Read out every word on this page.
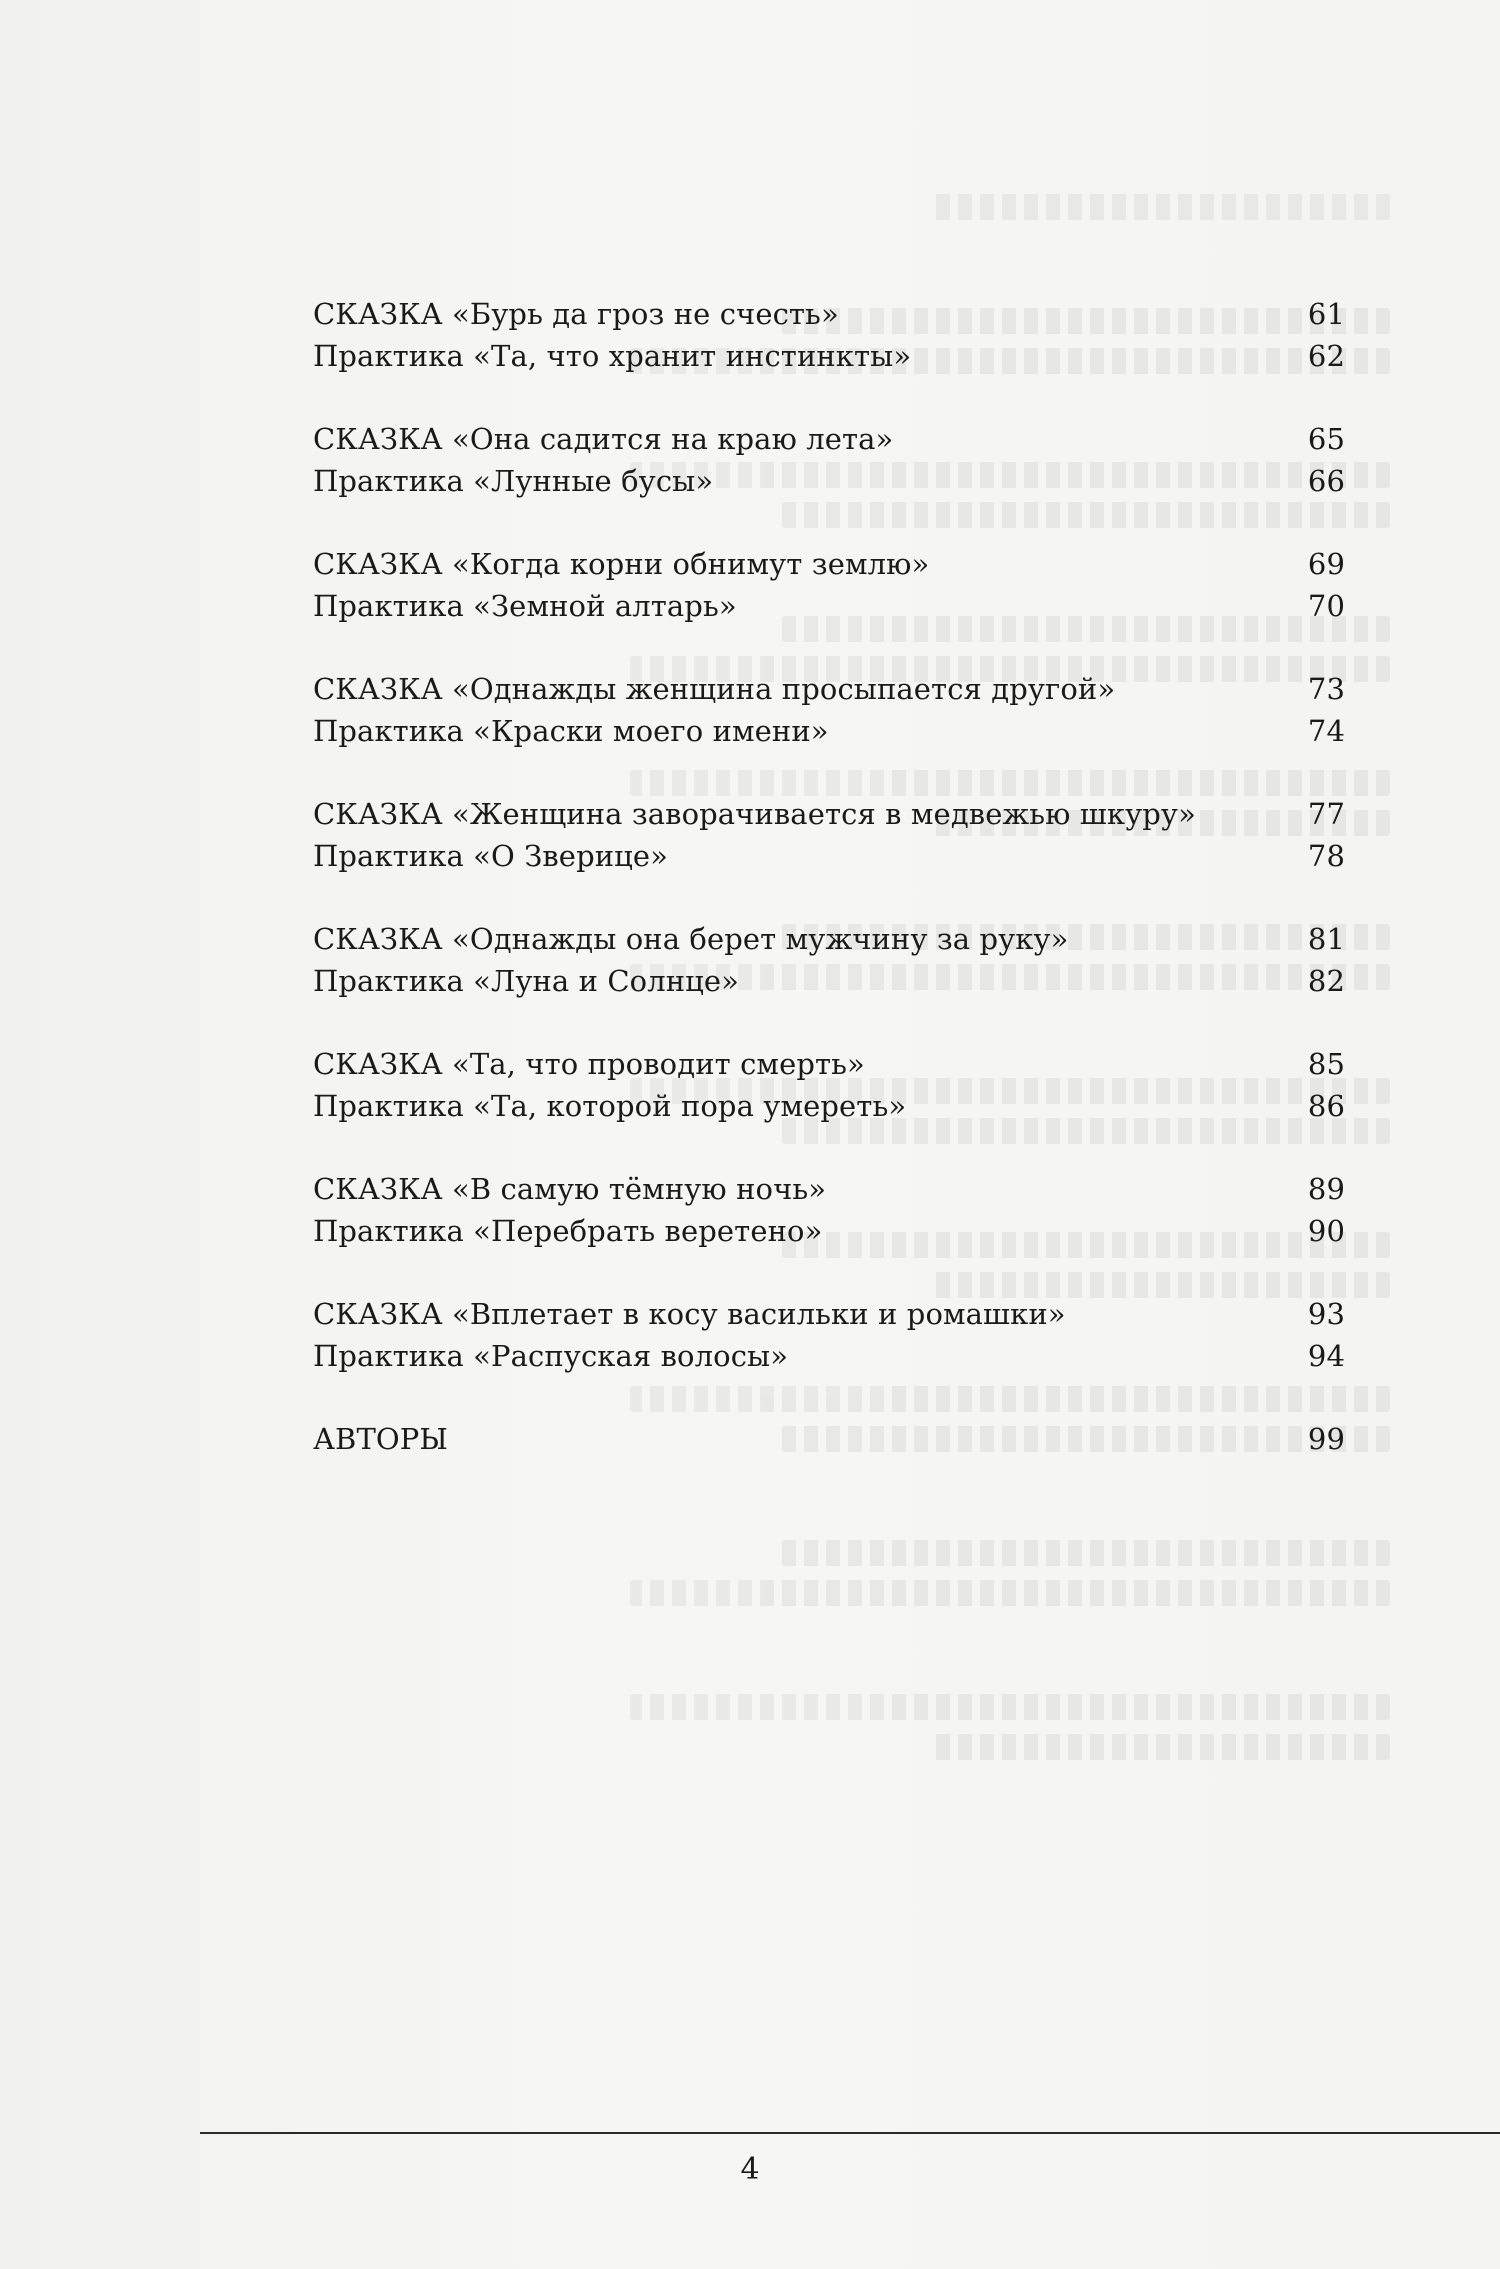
СКАЗКА «Бурь да гроз не счесть»	61
Практика «Та, что хранит инстинкты»	62
СКАЗКА «Она садится на краю лета»	65
Практика «Лунные бусы»	66
СКАЗКА «Когда корни обнимут землю»	69
Практика «Земной алтарь»	70
СКАЗКА «Однажды женщина просыпается другой»	73
Практика «Краски моего имени»	74
СКАЗКА «Женщина заворачивается в медвежью шкуру»	77
Практика «О Зверице»	78
СКАЗКА «Однажды она берет мужчину за руку»	81
Практика «Луна и Солнце»	82
СКАЗКА «Та, что проводит смерть»	85
Практика «Та, которой пора умереть»	86
СКАЗКА «В самую тёмную ночь»	89
Практика «Перебрать веретено»	90
СКАЗКА «Вплетает в косу васильки и ромашки»	93
Практика «Распуская волосы»	94
АВТОРЫ	99
4
